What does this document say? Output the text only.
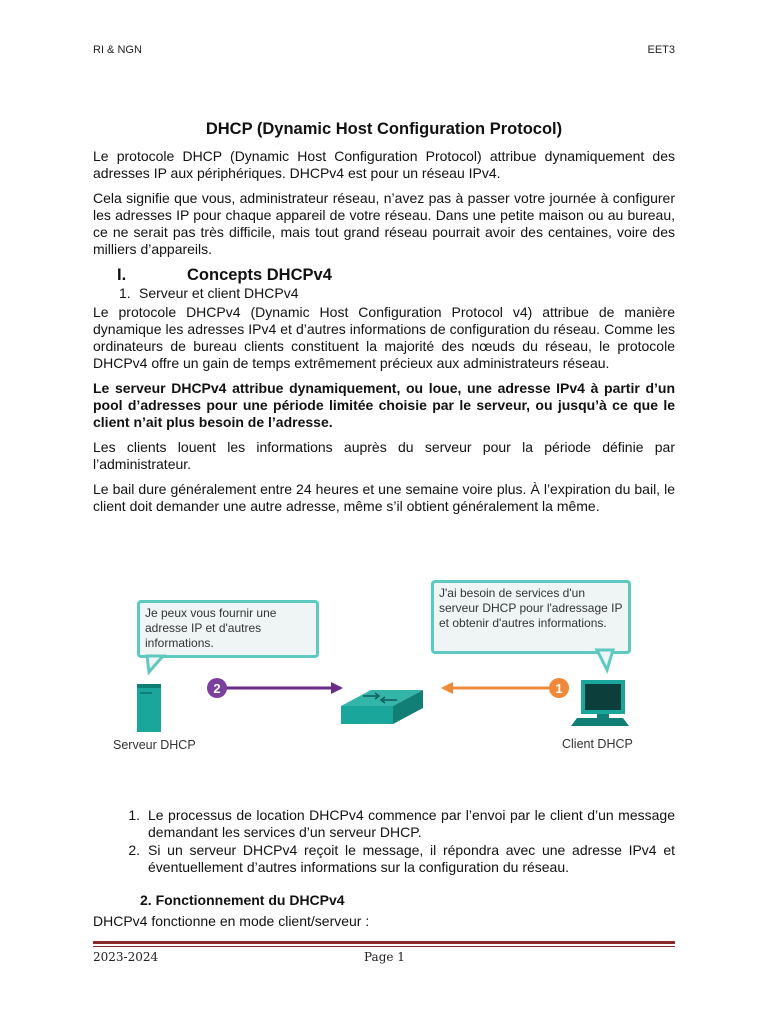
RI & NGN	EET3
DHCP (Dynamic Host Configuration Protocol)

Le protocole DHCP (Dynamic Host Configuration Protocol) attribue dynamiquement des adresses IP aux périphériques. DHCPv4 est pour un réseau IPv4.

Cela signifie que vous, administrateur réseau, n’avez pas à passer votre journée à configurer les adresses IP pour chaque appareil de votre réseau. Dans une petite maison ou au bureau, ce ne serait pas très difficile, mais tout grand réseau pourrait avoir des centaines, voire des milliers d’appareils.

I.	Concepts DHCPv4
1. Serveur et client DHCPv4

Le protocole DHCPv4 (Dynamic Host Configuration Protocol v4) attribue de manière dynamique les adresses IPv4 et d’autres informations de configuration du réseau. Comme les ordinateurs de bureau clients constituent la majorité des nœuds du réseau, le protocole DHCPv4 offre un gain de temps extrêmement précieux aux administrateurs réseau.

Le serveur DHCPv4 attribue dynamiquement, ou loue, une adresse IPv4 à partir d’un pool d’adresses pour une période limitée choisie par le serveur, ou jusqu’à ce que le client n’ait plus besoin de l’adresse.

Les clients louent les informations auprès du serveur pour la période définie par l’administrateur.

Le bail dure généralement entre 24 heures et une semaine voire plus. À l’expiration du bail, le client doit demander une autre adresse, même s’il obtient généralement la même.

Je peux vous fournir une adresse IP et d'autres informations.
J'ai besoin de services d'un serveur DHCP pour l'adressage IP et obtenir d'autres informations.
2	1
Serveur DHCP	Client DHCP
1. Le processus de location DHCPv4 commence par l’envoi par le client d’un message demandant les services d’un serveur DHCP.
2. Si un serveur DHCPv4 reçoit le message, il répondra avec une adresse IPv4 et éventuellement d’autres informations sur la configuration du réseau.
2. Fonctionnement du DHCPv4
DHCPv4 fonctionne en mode client/serveur :
2023-2024	Page 1
